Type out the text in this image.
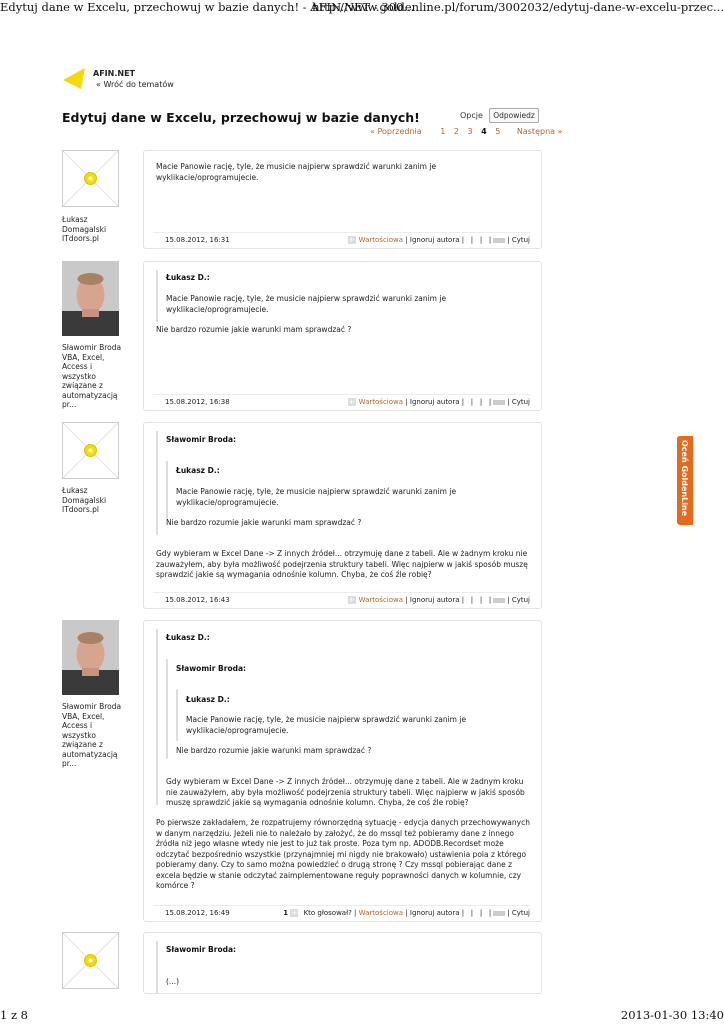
Edytuj dane w Excelu, przechowuj w bazie danych! - AFIN.NET - 300...
http://www.goldenline.pl/forum/3002032/edytuj-dane-w-excelu-przec...
AFIN.NET
« Wróć do tematów
Edytuj dane w Excelu, przechowuj w bazie danych!	Opcje	Odpowiedz
« Poprzednia 1 2 3 4 5 Następna »
Łukasz Domagalski
ITdoors.pl
Macie Panowie rację, tyle, że musicie najpierw sprawdzić warunki zanim je wyklikacie/oprogramujecie.
15.08.2012, 16:31	+ Wartościowa | Ignoruj autora | | | | | Cytuj
Sławomir Broda
VBA, Excel, Access i wszystko związane z automatyzacją pr...
Łukasz D.:
Macie Panowie rację, tyle, że musicie najpierw sprawdzić warunki zanim je wyklikacie/oprogramujecie.
Nie bardzo rozumie jakie warunki mam sprawdzać ?
15.08.2012, 16:38	+ Wartościowa | Ignoruj autora | | | | | Cytuj
Łukasz Domagalski
ITdoors.pl
Sławomir Broda:
Łukasz D.:
Macie Panowie rację, tyle, że musicie najpierw sprawdzić warunki zanim je wyklikacie/oprogramujecie.
Nie bardzo rozumie jakie warunki mam sprawdzać ?
Gdy wybieram w Excel Dane -> Z innych źródeł... otrzymuję dane z tabeli. Ale w żadnym kroku nie zauważyłem, aby była możliwość podejrzenia struktury tabeli. Więc najpierw w jakiś sposób muszę sprawdzić jakie są wymagania odnośnie kolumn. Chyba, że coś źle robię?
15.08.2012, 16:43	+ Wartościowa | Ignoruj autora | | | | | Cytuj
Sławomir Broda
VBA, Excel, Access i wszystko związane z automatyzacją pr...
Łukasz D.:
Sławomir Broda:
Łukasz D.:
Macie Panowie rację, tyle, że musicie najpierw sprawdzić warunki zanim je wyklikacie/oprogramujecie.
Nie bardzo rozumie jakie warunki mam sprawdzać ?
Gdy wybieram w Excel Dane -> Z innych źródeł... otrzymuję dane z tabeli. Ale w żadnym kroku nie zauważyłem, aby była możliwość podejrzenia struktury tabeli. Więc najpierw w jakiś sposób muszę sprawdzić jakie są wymagania odnośnie kolumn. Chyba, że coś źle robię?
Po pierwsze zakładałem, że rozpatrujemy równorzędną sytuację - edycja danych przechowywanych w danym narzędziu. Jeżeli nie to należało by założyć, że do mssql też pobieramy dane z innego źródła niż jego własne wtedy nie jest to już tak proste. Poza tym np. ADODB.Recordset może odczytać bezpośrednio wszystkie (przynajmniej mi nigdy nie brakowało) ustawienia pola z którego pobieramy dany. Czy to samo można powiedzieć o drugą stronę ? Czy mssql pobierając dane z excela będzie w stanie odczytać zaimplementowane reguły poprawności danych w kolumnie, czy komórce ?
15.08.2012, 16:49	1 + Kto głosował? | Wartościowa | Ignoruj autora | | | | | Cytuj
Sławomir Broda:
(...)
Oceń GoldenLine
1 z 8	2013-01-30 13:40
